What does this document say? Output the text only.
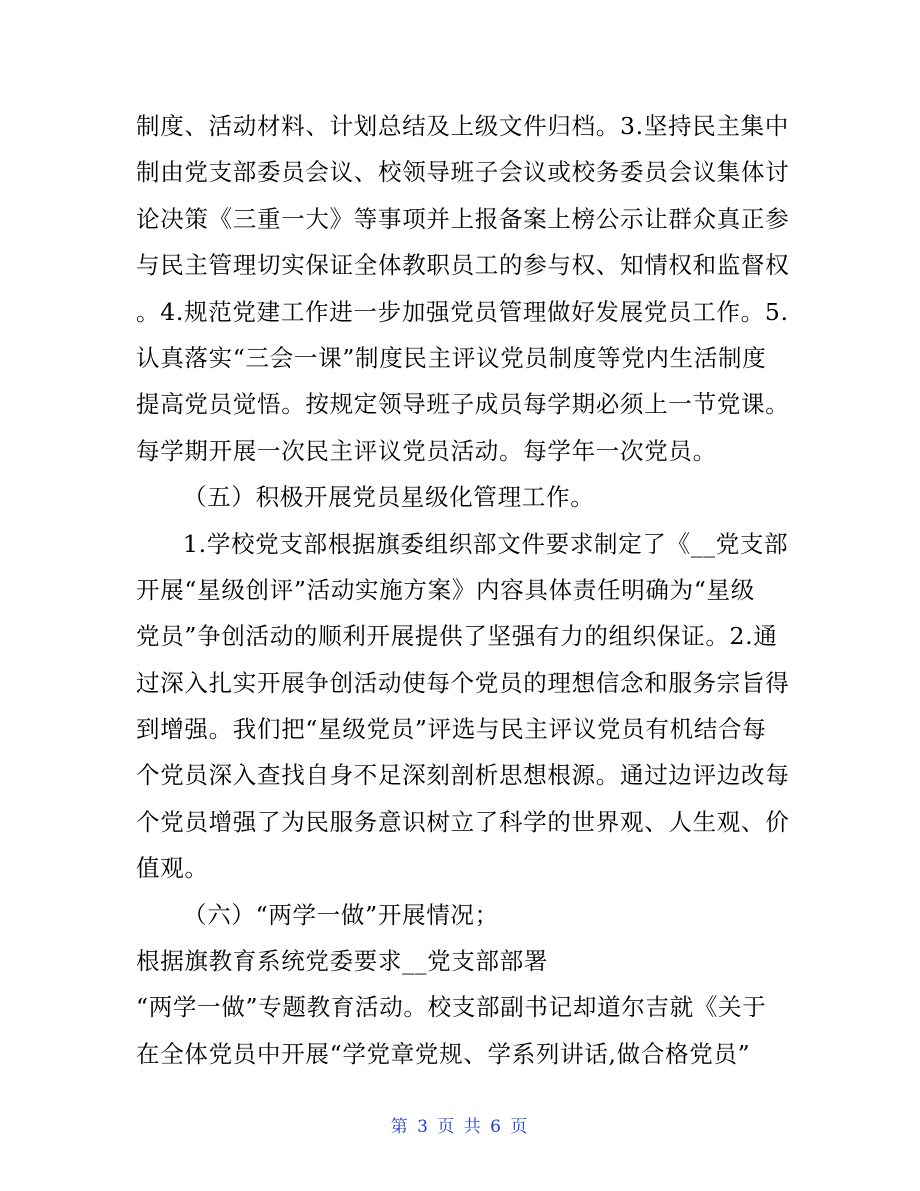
制度、活动材料、计划总结及上级文件归档。3.坚持民主集中
制由党支部委员会议、校领导班子会议或校务委员会议集体讨
论决策《三重一大》等事项并上报备案上榜公示让群众真正参
与民主管理切实保证全体教职员工的参与权、知情权和监督权
。4.规范党建工作进一步加强党员管理做好发展党员工作。5.
认真落实“三会一课”制度民主评议党员制度等党内生活制度
提高党员觉悟。按规定领导班子成员每学期必须上一节党课。
每学期开展一次民主评议党员活动。每学年一次党员。
（五）积极开展党员星级化管理工作。
1.学校党支部根据旗委组织部文件要求制定了《__党支部
开展“星级创评”活动实施方案》内容具体责任明确为“星级
党员”争创活动的顺利开展提供了坚强有力的组织保证。2.通
过深入扎实开展争创活动使每个党员的理想信念和服务宗旨得
到增强。我们把“星级党员”评选与民主评议党员有机结合每
个党员深入查找自身不足深刻剖析思想根源。通过边评边改每
个党员增强了为民服务意识树立了科学的世界观、人生观、价
值观。
（六）“两学一做”开展情况；
根据旗教育系统党委要求__党支部部署
“两学一做”专题教育活动。校支部副书记却道尔吉就《关于
在全体党员中开展“学党章党规、学系列讲话,做合格党员”
第 3 页 共 6 页
